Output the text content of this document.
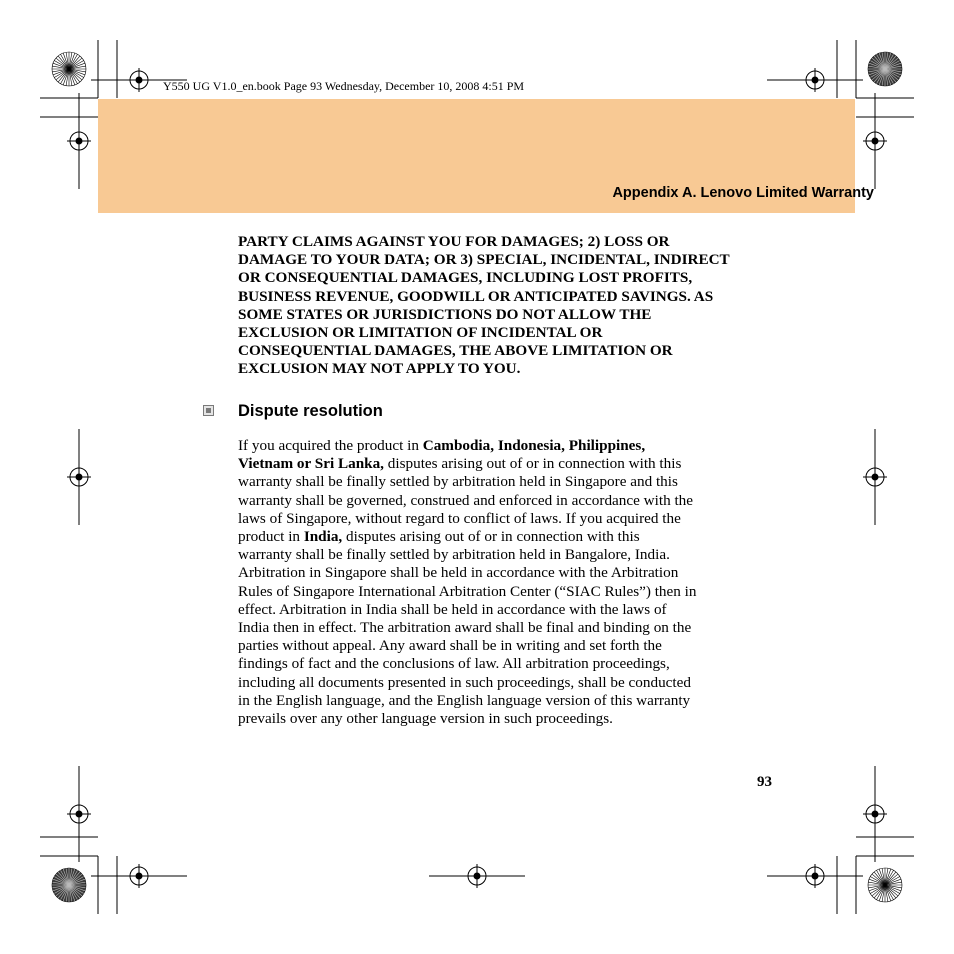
Y550 UG V1.0_en.book Page 93 Wednesday, December 10, 2008 4:51 PM
Appendix A. Lenovo Limited Warranty
PARTY CLAIMS AGAINST YOU FOR DAMAGES; 2) LOSS OR
DAMAGE TO YOUR DATA; OR 3) SPECIAL, INCIDENTAL, INDIRECT
OR CONSEQUENTIAL DAMAGES, INCLUDING LOST PROFITS,
BUSINESS REVENUE, GOODWILL OR ANTICIPATED SAVINGS. AS
SOME STATES OR JURISDICTIONS DO NOT ALLOW THE
EXCLUSION OR LIMITATION OF INCIDENTAL OR
CONSEQUENTIAL DAMAGES, THE ABOVE LIMITATION OR
EXCLUSION MAY NOT APPLY TO YOU.
Dispute resolution
If you acquired the product in Cambodia, Indonesia, Philippines,
Vietnam or Sri Lanka, disputes arising out of or in connection with this
warranty shall be finally settled by arbitration held in Singapore and this
warranty shall be governed, construed and enforced in accordance with the
laws of Singapore, without regard to conflict of laws. If you acquired the
product in India, disputes arising out of or in connection with this
warranty shall be finally settled by arbitration held in Bangalore, India.
Arbitration in Singapore shall be held in accordance with the Arbitration
Rules of Singapore International Arbitration Center (“SIAC Rules”) then in
effect. Arbitration in India shall be held in accordance with the laws of
India then in effect. The arbitration award shall be final and binding on the
parties without appeal. Any award shall be in writing and set forth the
findings of fact and the conclusions of law. All arbitration proceedings,
including all documents presented in such proceedings, shall be conducted
in the English language, and the English language version of this warranty
prevails over any other language version in such proceedings.
93
